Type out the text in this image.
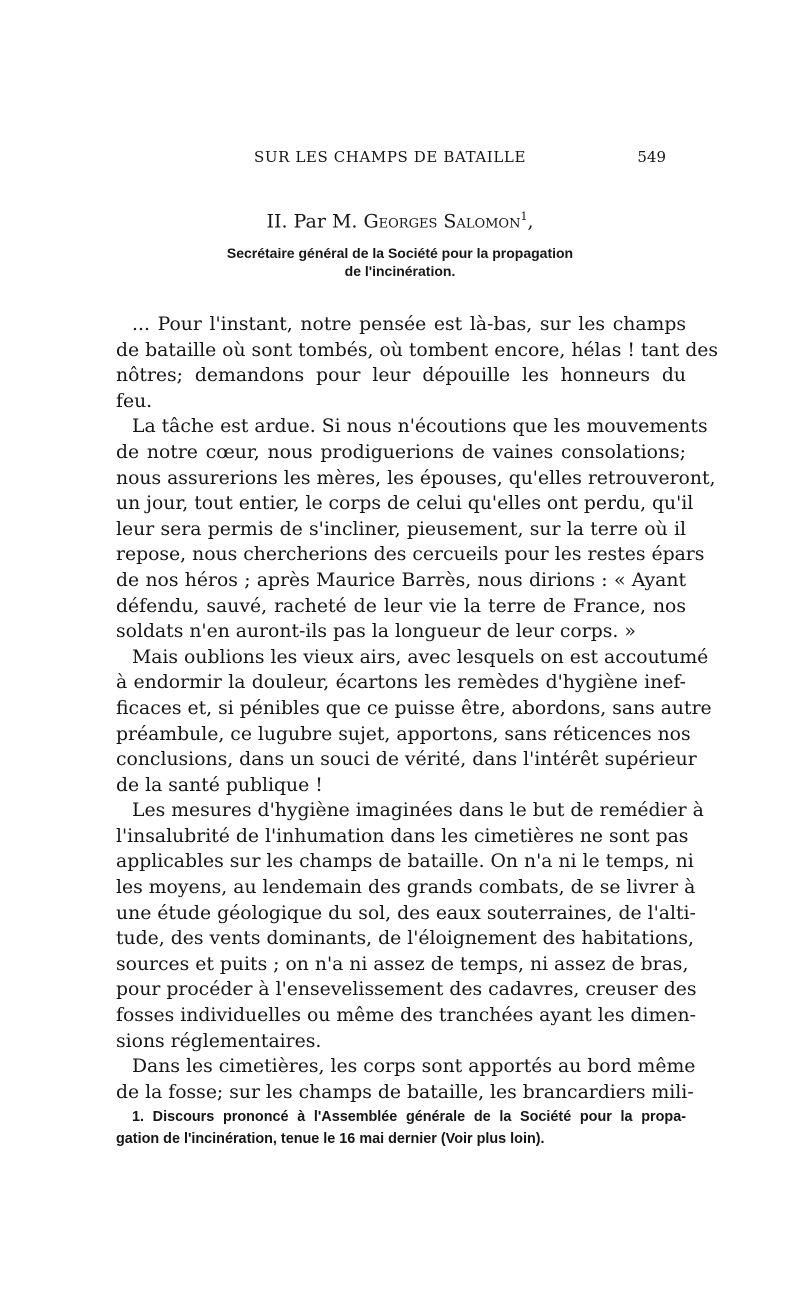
SUR LES CHAMPS DE BATAILLE	549
II. Par M. Georges Salomon$^1$,
Secrétaire général de la Société pour la propagation
de l'incinération.
... Pour l'instant, notre pensée est là-bas, sur les champs
de bataille où sont tombés, où tombent encore, hélas ! tant des
nôtres; demandons pour leur dépouille les honneurs du
feu.
La tâche est ardue. Si nous n'écoutions que les mouvements
de notre cœur, nous prodiguerions de vaines consolations;
nous assurerions les mères, les épouses, qu'elles retrouveront,
un jour, tout entier, le corps de celui qu'elles ont perdu, qu'il
leur sera permis de s'incliner, pieusement, sur la terre où il
repose, nous chercherions des cercueils pour les restes épars
de nos héros ; après Maurice Barrès, nous dirions : « Ayant
défendu, sauvé, racheté de leur vie la terre de France, nos
soldats n'en auront-ils pas la longueur de leur corps. »
Mais oublions les vieux airs, avec lesquels on est accoutumé
à endormir la douleur, écartons les remèdes d'hygiène inef-
ficaces et, si pénibles que ce puisse être, abordons, sans autre
préambule, ce lugubre sujet, apportons, sans réticences nos
conclusions, dans un souci de vérité, dans l'intérêt supérieur
de la santé publique !
Les mesures d'hygiène imaginées dans le but de remédier à
l'insalubrité de l'inhumation dans les cimetières ne sont pas
applicables sur les champs de bataille. On n'a ni le temps, ni
les moyens, au lendemain des grands combats, de se livrer à
une étude géologique du sol, des eaux souterraines, de l'alti-
tude, des vents dominants, de l'éloignement des habitations,
sources et puits ; on n'a ni assez de temps, ni assez de bras,
pour procéder à l'ensevelissement des cadavres, creuser des
fosses individuelles ou même des tranchées ayant les dimen-
sions réglementaires.
Dans les cimetières, les corps sont apportés au bord même
de la fosse; sur les champs de bataille, les brancardiers mili-
1. Discours prononcé à l'Assemblée générale de la Société pour la propa-
gation de l'incinération, tenue le 16 mai dernier (Voir plus loin).
